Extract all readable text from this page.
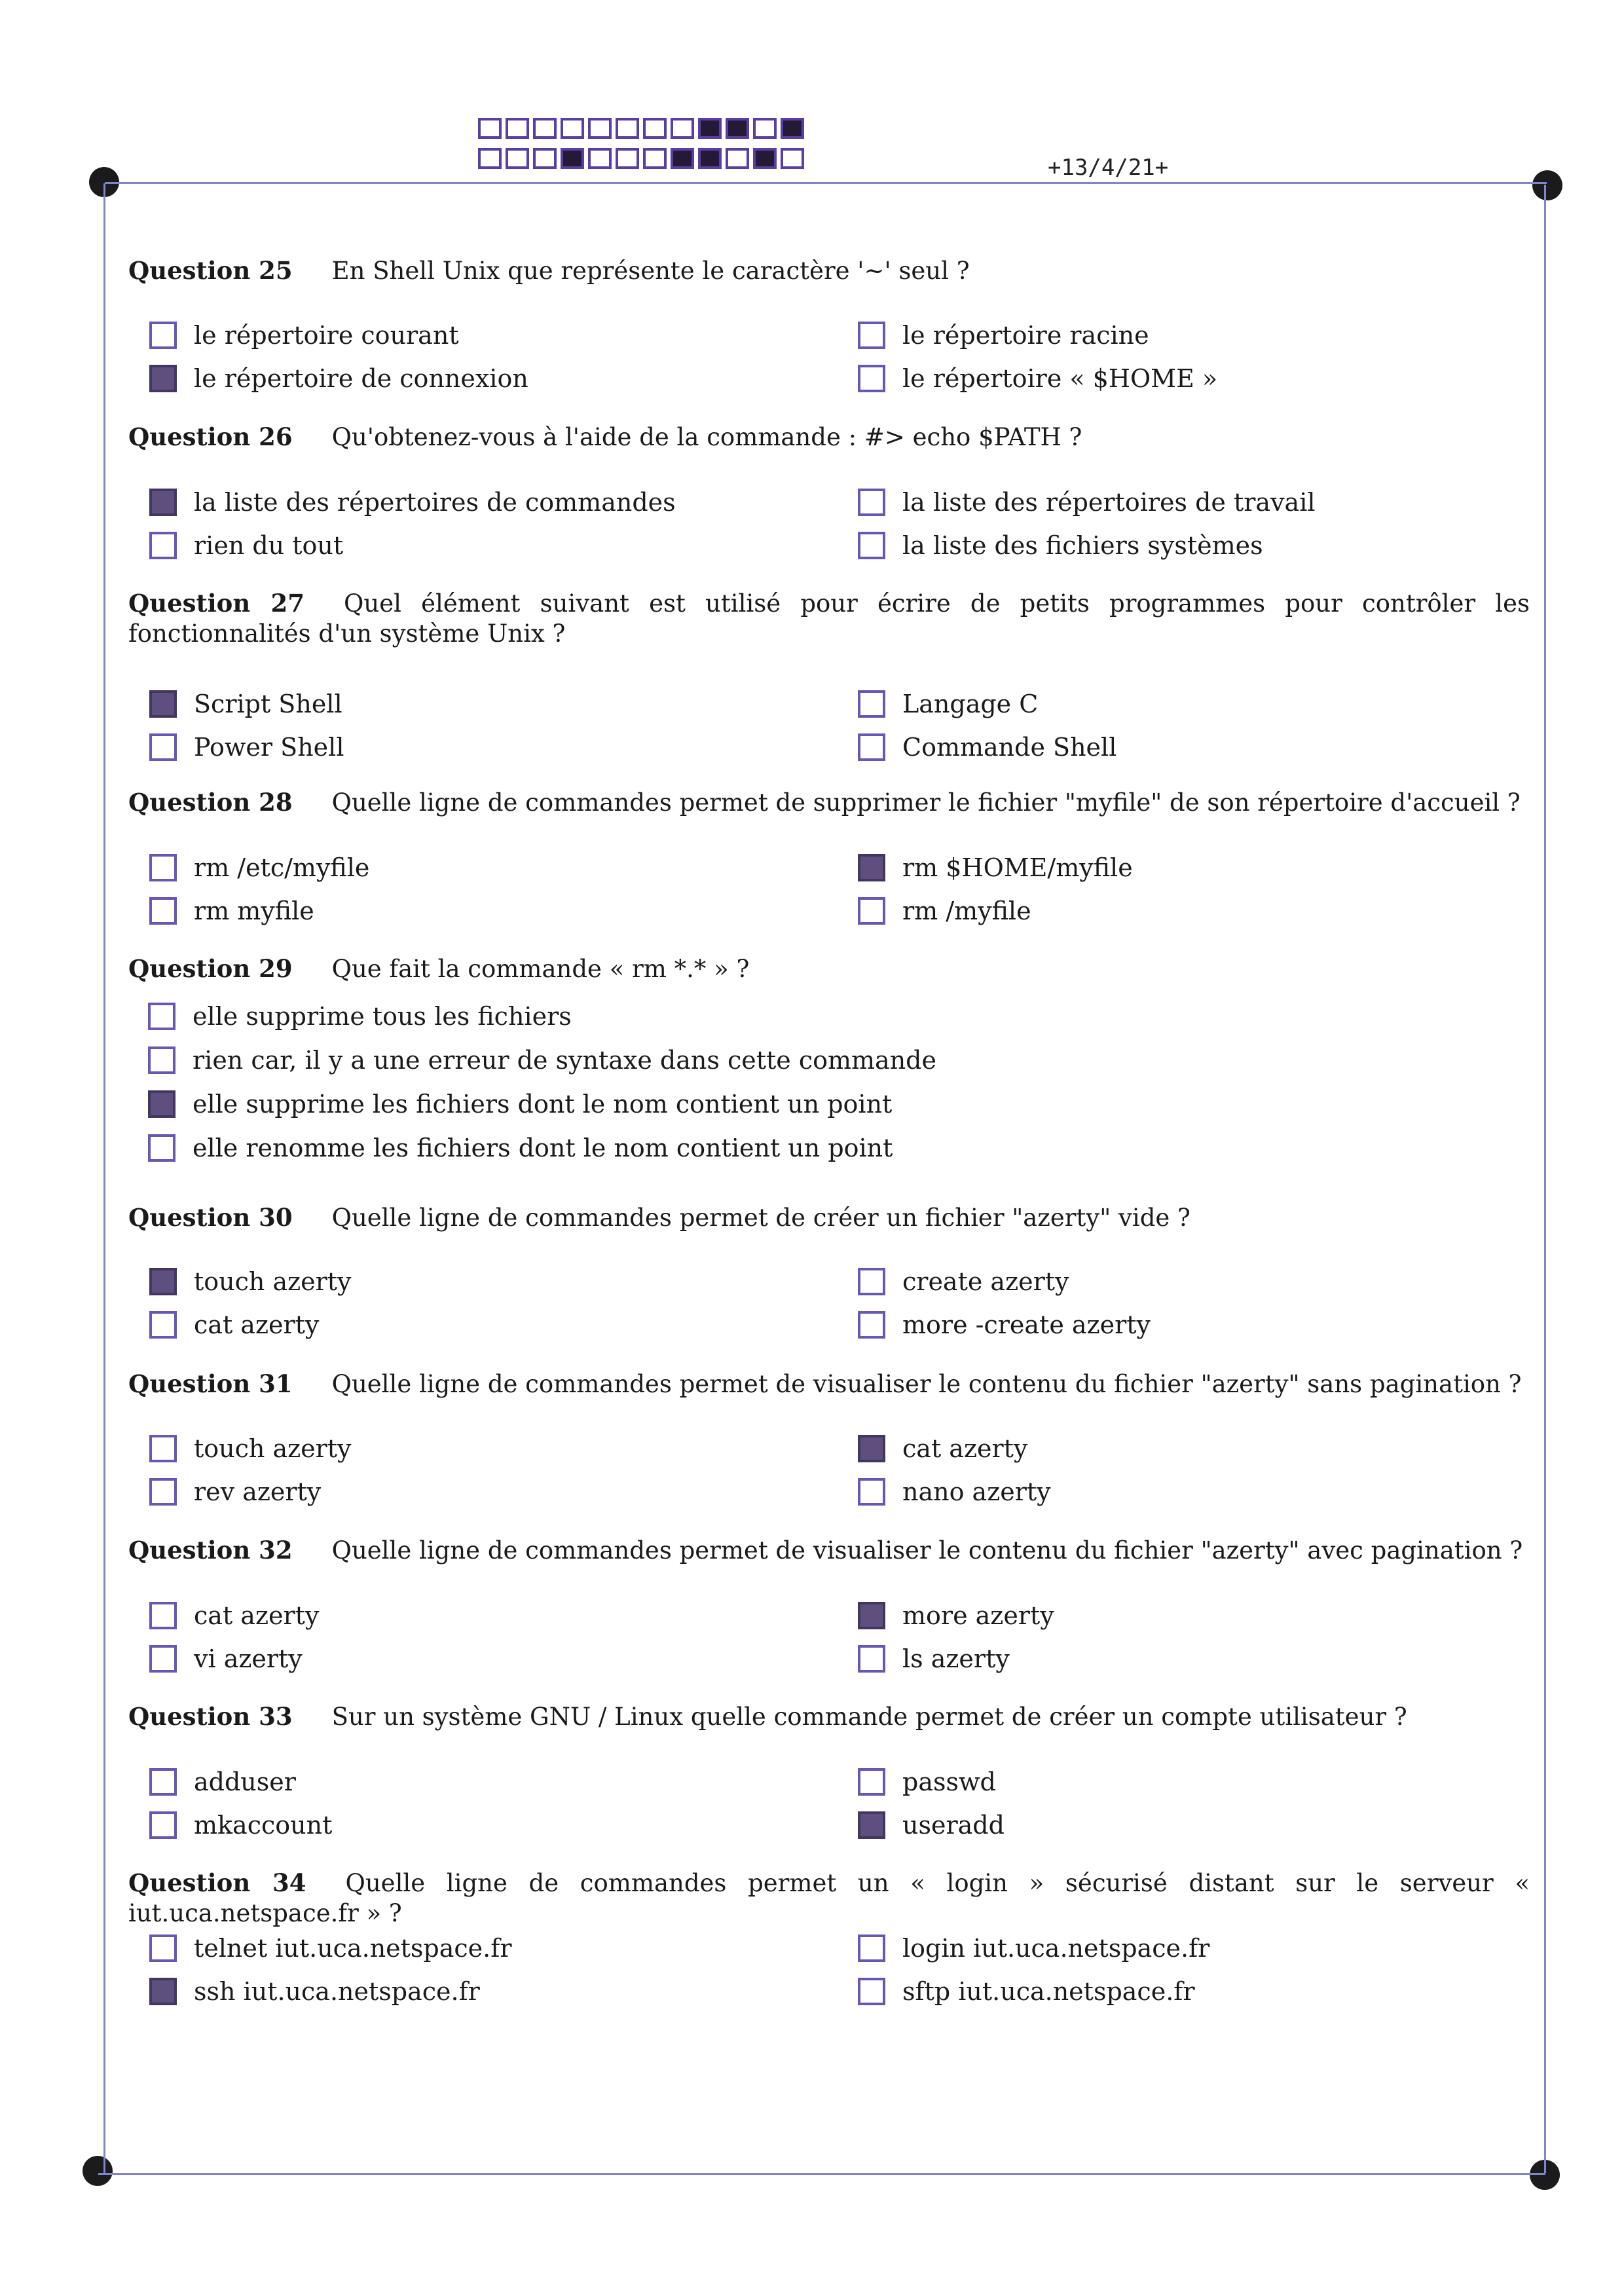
+13/4/21+
Question 25 En Shell Unix que représente le caractère '~' seul ?
le répertoire courant	le répertoire racine
le répertoire de connexion	le répertoire « $HOME »
Question 26 Qu'obtenez-vous à l'aide de la commande : #> echo $PATH ?
la liste des répertoires de commandes	la liste des répertoires de travail
rien du tout	la liste des fichiers systèmes
Question 27 Quel élément suivant est utilisé pour écrire de petits programmes pour contrôler les fonctionnalités d'un système Unix ?
Script Shell	Langage C
Power Shell	Commande Shell
Question 28 Quelle ligne de commandes permet de supprimer le fichier "myfile" de son répertoire d'accueil ?
rm /etc/myfile	rm $HOME/myfile
rm myfile	rm /myfile
Question 29 Que fait la commande « rm *.* » ?
elle supprime tous les fichiers
rien car, il y a une erreur de syntaxe dans cette commande
elle supprime les fichiers dont le nom contient un point
elle renomme les fichiers dont le nom contient un point
Question 30 Quelle ligne de commandes permet de créer un fichier "azerty" vide ?
touch azerty	create azerty
cat azerty	more -create azerty
Question 31 Quelle ligne de commandes permet de visualiser le contenu du fichier "azerty" sans pagination ?
touch azerty	cat azerty
rev azerty	nano azerty
Question 32 Quelle ligne de commandes permet de visualiser le contenu du fichier "azerty" avec pagination ?
cat azerty	more azerty
vi azerty	ls azerty
Question 33 Sur un système GNU / Linux quelle commande permet de créer un compte utilisateur ?
adduser	passwd
mkaccount	useradd
Question 34 Quelle ligne de commandes permet un « login » sécurisé distant sur le serveur « iut.uca.netspace.fr » ?
telnet iut.uca.netspace.fr	login iut.uca.netspace.fr
ssh iut.uca.netspace.fr	sftp iut.uca.netspace.fr
